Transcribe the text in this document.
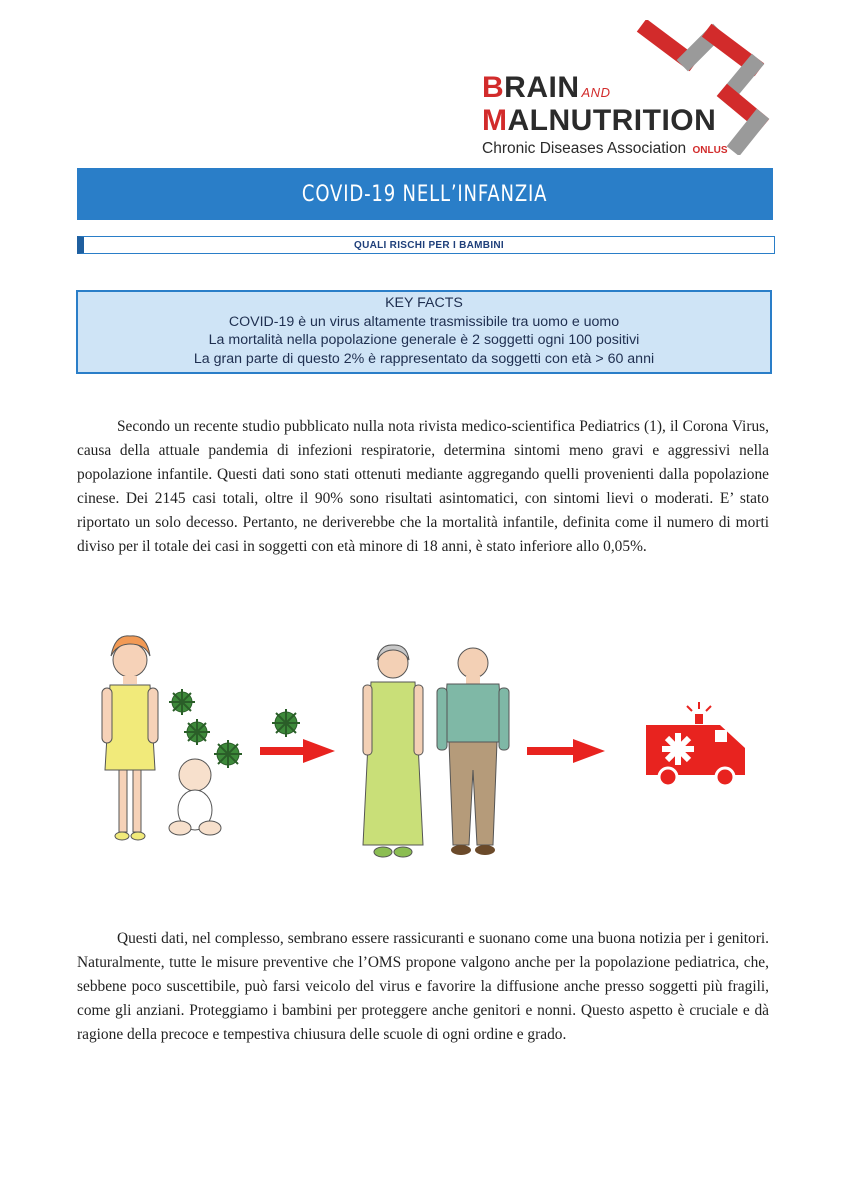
BRAIN AND
MALNUTRITION
Chronic Diseases Association ONLUS
COVID-19 NELL’INFANZIA
QUALI RISCHI PER I BAMBINI
KEY FACTS
COVID-19 è un virus altamente trasmissibile tra uomo e uomo
La mortalità nella popolazione generale è 2 soggetti ogni 100 positivi
La gran parte di questo 2% è rappresentato da soggetti con età > 60 anni
Secondo un recente studio pubblicato nulla nota rivista medico-scientifica Pediatrics (1), il Corona Virus, causa della attuale pandemia di infezioni respiratorie, determina sintomi meno gravi e aggressivi nella popolazione infantile. Questi dati sono stati ottenuti mediante aggregando quelli provenienti dalla popolazione cinese. Dei 2145 casi totali, oltre il 90% sono risultati asintomatici, con sintomi lievi o moderati. E’ stato riportato un solo decesso. Pertanto, ne deriverebbe che la mortalità infantile, definita come il numero di morti diviso per il totale dei casi in soggetti con età minore di 18 anni, è stato inferiore allo 0,05%.
Questi dati, nel complesso, sembrano essere rassicuranti e suonano come una buona notizia per i genitori. Naturalmente, tutte le misure preventive che l’OMS propone valgono anche per la popolazione pediatrica, che, sebbene poco suscettibile, può farsi veicolo del virus e favorire la diffusione anche presso soggetti più fragili, come gli anziani. Proteggiamo i bambini per proteggere anche genitori e nonni. Questo aspetto è cruciale e dà ragione della precoce e tempestiva chiusura delle scuole di ogni ordine e grado.
